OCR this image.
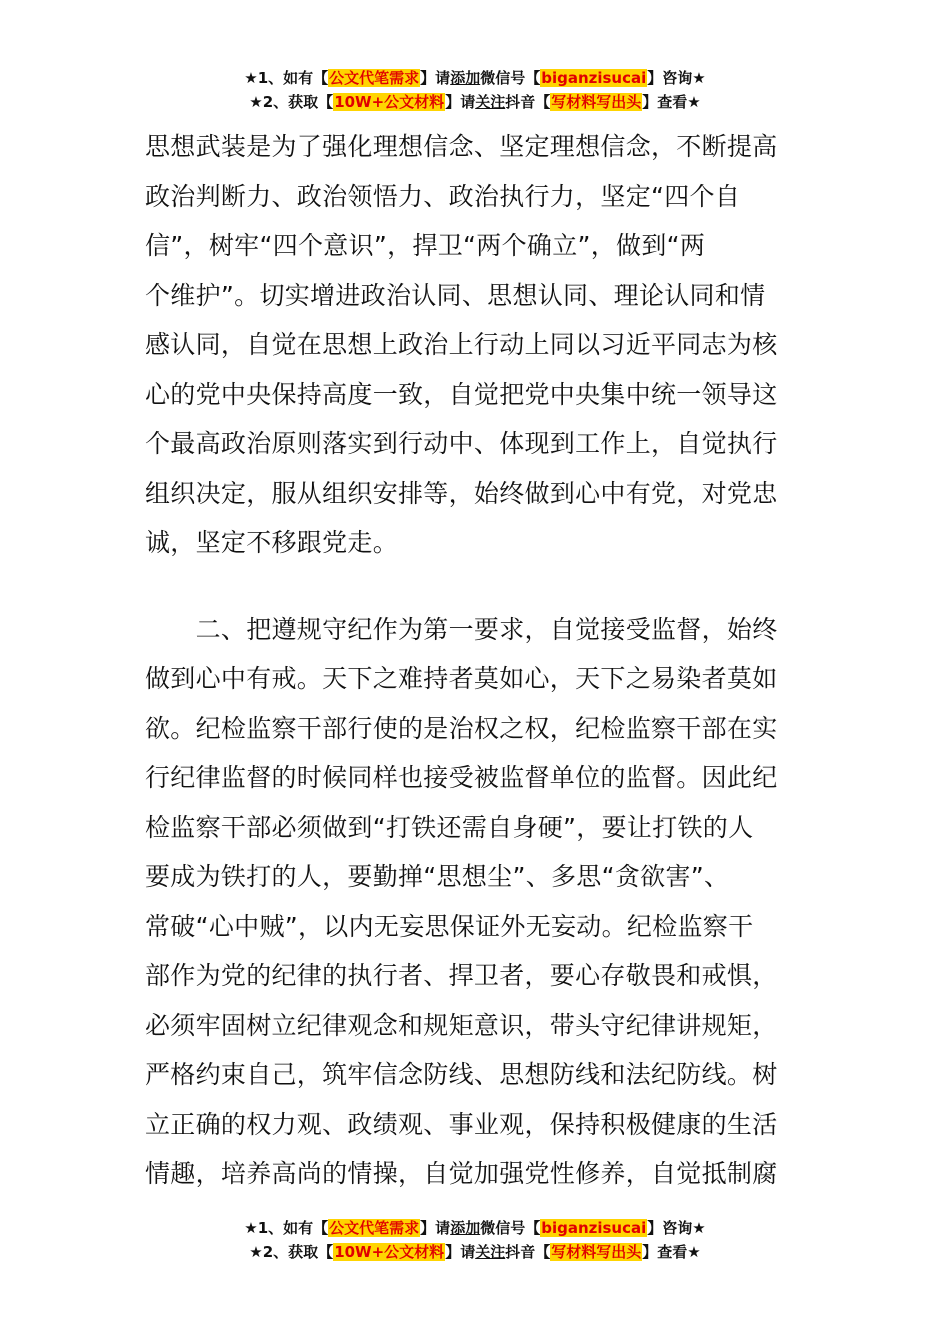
★1、如有【公文代笔需求】请添加微信号【biganzisucai】咨询★
★2、获取【10W+公文材料】请关注抖音【写材料写出头】查看★
思想武装是为了强化理想信念、坚定理想信念，不断提高
政治判断力、政治领悟力、政治执行力，坚定“四个自
信”，树牢“四个意识”，捍卫“两个确立”，做到“两
个维护”。切实增进政治认同、思想认同、理论认同和情
感认同，自觉在思想上政治上行动上同以习近平同志为核
心的党中央保持高度一致，自觉把党中央集中统一领导这
个最高政治原则落实到行动中、体现到工作上，自觉执行
组织决定，服从组织安排等，始终做到心中有党，对党忠
诚，坚定不移跟党走。
　　二、把遵规守纪作为第一要求，自觉接受监督，始终
做到心中有戒。天下之难持者莫如心，天下之易染者莫如
欲。纪检监察干部行使的是治权之权，纪检监察干部在实
行纪律监督的时候同样也接受被监督单位的监督。因此纪
检监察干部必须做到“打铁还需自身硬”，要让打铁的人
要成为铁打的人，要勤掸“思想尘”、多思“贪欲害”、
常破“心中贼”，以内无妄思保证外无妄动。纪检监察干
部作为党的纪律的执行者、捍卫者，要心存敬畏和戒惧，
必须牢固树立纪律观念和规矩意识，带头守纪律讲规矩，
严格约束自己，筑牢信念防线、思想防线和法纪防线。树
立正确的权力观、政绩观、事业观，保持积极健康的生活
情趣，培养高尚的情操，自觉加强党性修养，自觉抵制腐
★1、如有【公文代笔需求】请添加微信号【biganzisucai】咨询★
★2、获取【10W+公文材料】请关注抖音【写材料写出头】查看★
